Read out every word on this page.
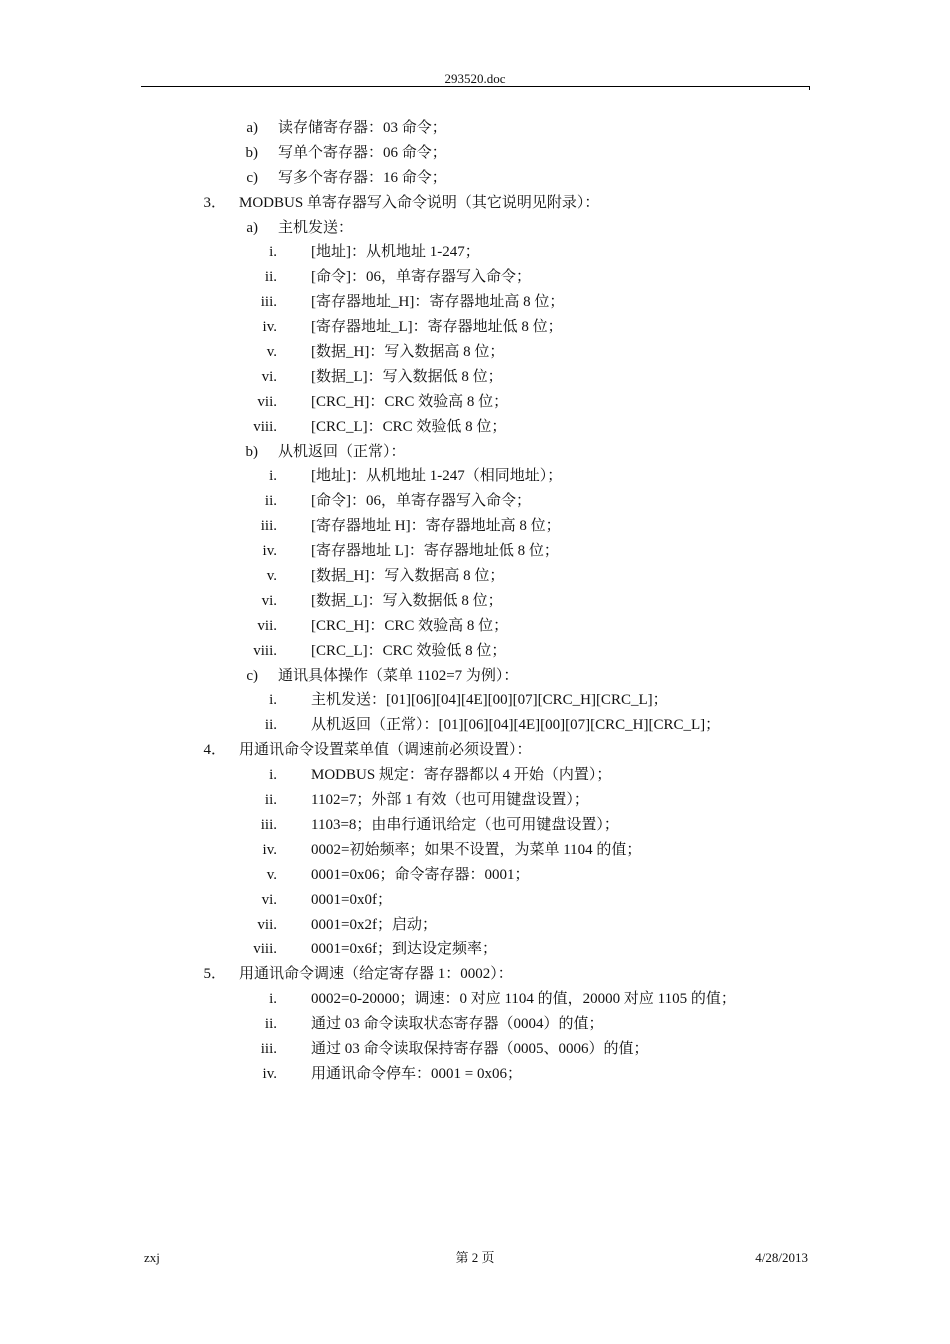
293520.doc
a) 读存储寄存器：03 命令；
b) 写单个寄存器：06 命令；
c) 写多个寄存器：16 命令；
3． MODBUS 单寄存器写入命令说明（其它说明见附录）：
a) 主机发送：
i. [地址]：从机地址 1-247；
ii. [命令]：06，单寄存器写入命令；
iii. [寄存器地址_H]：寄存器地址高 8 位；
iv. [寄存器地址_L]：寄存器地址低 8 位；
v. [数据_H]：写入数据高 8 位；
vi. [数据_L]：写入数据低 8 位；
vii. [CRC_H]：CRC 效验高 8 位；
viii. [CRC_L]：CRC 效验低 8 位；
b) 从机返回（正常）：
i. [地址]：从机地址 1-247（相同地址）；
ii. [命令]：06，单寄存器写入命令；
iii. [寄存器地址 H]：寄存器地址高 8 位；
iv. [寄存器地址 L]：寄存器地址低 8 位；
v. [数据_H]：写入数据高 8 位；
vi. [数据_L]：写入数据低 8 位；
vii. [CRC_H]：CRC 效验高 8 位；
viii. [CRC_L]：CRC 效验低 8 位；
c) 通讯具体操作（菜单 1102=7 为例）：
i. 主机发送：[01][06][04][4E][00][07][CRC_H][CRC_L]；
ii. 从机返回（正常）：[01][06][04][4E][00][07][CRC_H][CRC_L]；
4． 用通讯命令设置菜单值（调速前必须设置）：
i. MODBUS 规定：寄存器都以 4 开始（内置）；
ii. 1102=7；外部 1 有效（也可用键盘设置）；
iii. 1103=8；由串行通讯给定（也可用键盘设置）；
iv. 0002=初始频率；如果不设置，为菜单 1104 的值；
v. 0001=0x06；命令寄存器：0001；
vi. 0001=0x0f；
vii. 0001=0x2f；启动；
viii. 0001=0x6f；到达设定频率；
5． 用通讯命令调速（给定寄存器 1：0002）：
i. 0002=0-20000；调速：0 对应 1104 的值，20000 对应 1105 的值；
ii. 通过 03 命令读取状态寄存器（0004）的值；
iii. 通过 03 命令读取保持寄存器（0005、0006）的值；
iv. 用通讯命令停车：0001 = 0x06；
zxj	第 2 页	4/28/2013
